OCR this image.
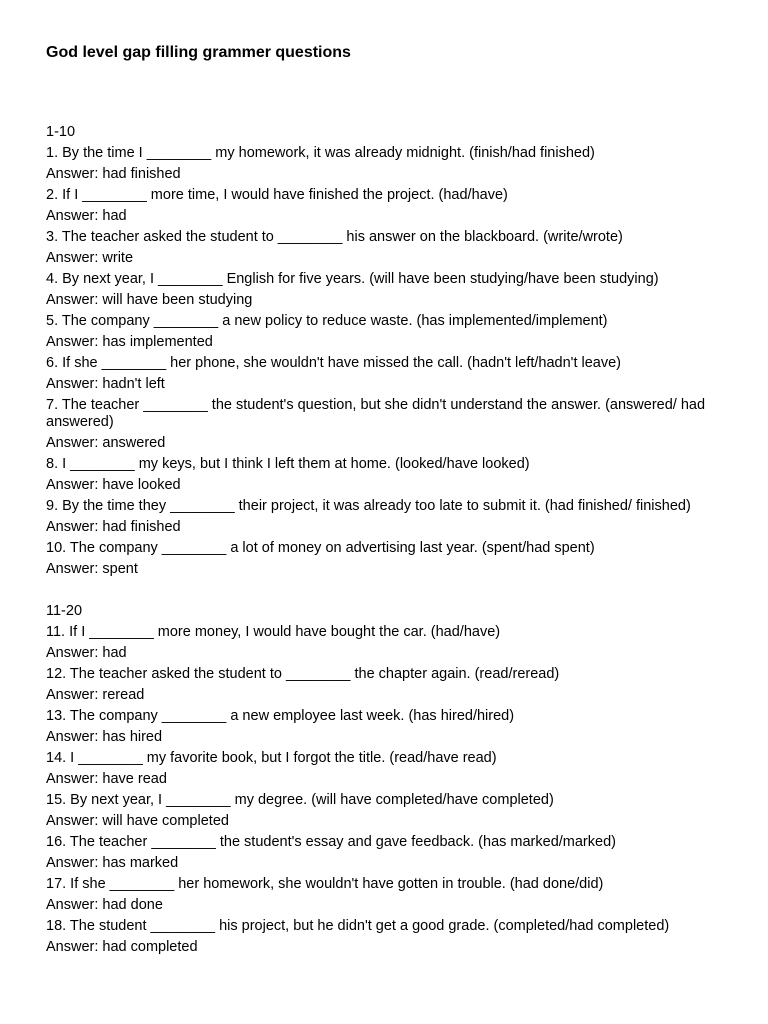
God level gap filling grammer questions
1-10
1. By the time I ________ my homework, it was already midnight. (finish/had finished)
Answer: had finished
2. If I ________ more time, I would have finished the project. (had/have)
Answer: had
3. The teacher asked the student to ________ his answer on the blackboard. (write/wrote)
Answer: write
4. By next year, I ________ English for five years. (will have been studying/have been studying)
Answer: will have been studying
5. The company ________ a new policy to reduce waste. (has implemented/implement)
Answer: has implemented
6. If she ________ her phone, she wouldn't have missed the call. (hadn't left/hadn't leave)
Answer: hadn't left
7. The teacher ________ the student's question, but she didn't understand the answer. (answered/ had answered)
Answer: answered
8. I ________ my keys, but I think I left them at home. (looked/have looked)
Answer: have looked
9. By the time they ________ their project, it was already too late to submit it. (had finished/ finished)
Answer: had finished
10. The company ________ a lot of money on advertising last year. (spent/had spent)
Answer: spent
11-20
11. If I ________ more money, I would have bought the car. (had/have)
Answer: had
12. The teacher asked the student to ________ the chapter again. (read/reread)
Answer: reread
13. The company ________ a new employee last week. (has hired/hired)
Answer: has hired
14. I ________ my favorite book, but I forgot the title. (read/have read)
Answer: have read
15. By next year, I ________ my degree. (will have completed/have completed)
Answer: will have completed
16. The teacher ________ the student's essay and gave feedback. (has marked/marked)
Answer: has marked
17. If she ________ her homework, she wouldn't have gotten in trouble. (had done/did)
Answer: had done
18. The student ________ his project, but he didn't get a good grade. (completed/had completed)
Answer: had completed
